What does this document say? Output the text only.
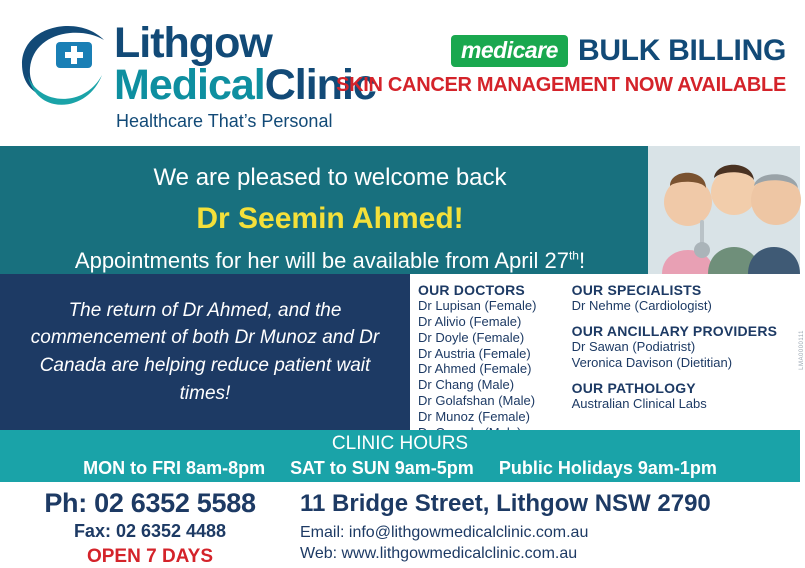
Lithgow
MedicalClinic
Healthcare That’s Personal
medicare BULK BILLING
SKIN CANCER MANAGEMENT NOW AVAILABLE
We are pleased to welcome back
Dr Seemin Ahmed!
Appointments for her will be available from April 27th!
The return of Dr Ahmed, and the commencement of both Dr Munoz and Dr Canada are helping reduce patient wait times!
OUR DOCTORS
Dr Lupisan (Female)
Dr Alivio (Female)
Dr Doyle (Female)
Dr Austria (Female)
Dr Ahmed (Female)
Dr Chang (Male)
Dr Golafshan (Male)
Dr Munoz (Female)
OUR SPECIALISTS
Dr Nehme (Cardiologist)
OUR ANCILLARY PROVIDERS
Dr Sawan (Podiatrist)
Veronica Davison (Dietitian)
OUR PATHOLOGY
Australian Clinical Labs
CLINIC HOURS
MON to FRI 8am-8pm SAT to SUN 9am-5pm Public Holidays 9am-1pm
Ph: 02 6352 5588
Fax: 02 6352 4488
OPEN 7 DAYS
11 Bridge Street, Lithgow NSW 2790
Email: info@lithgowmedicalclinic.com.au
Web: www.lithgowmedicalclinic.com.au
LMA0000111
